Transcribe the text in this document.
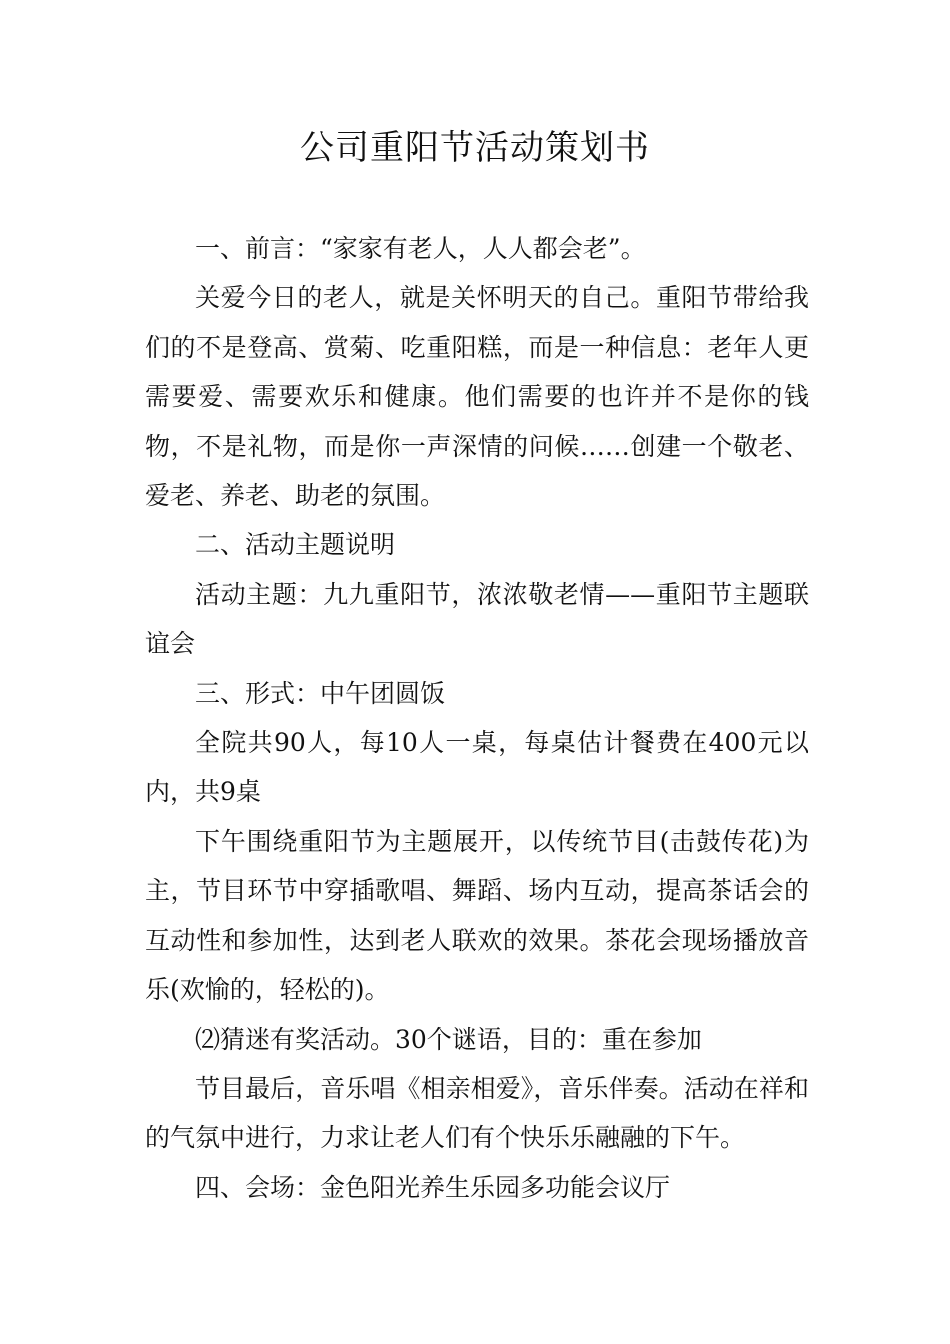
公司重阳节活动策划书

一、前言：“家家有老人，人人都会老”。

关爱今日的老人，就是关怀明天的自己。重阳节带给我们的不是登高、赏菊、吃重阳糕，而是一种信息：老年人更需要爱、需要欢乐和健康。他们需要的也许并不是你的钱物，不是礼物，而是你一声深情的问候……创建一个敬老、爱老、养老、助老的氛围。

二、活动主题说明

活动主题：九九重阳节，浓浓敬老情——重阳节主题联谊会

三、形式：中午团圆饭

全院共90人，每10人一桌，每桌估计餐费在400元以内，共9桌

下午围绕重阳节为主题展开，以传统节目(击鼓传花)为主，节目环节中穿插歌唱、舞蹈、场内互动，提高茶话会的互动性和参加性，达到老人联欢的效果。茶花会现场播放音乐(欢愉的，轻松的)。

⑵猜迷有奖活动。30个谜语，目的：重在参加

节目最后，音乐唱《相亲相爱》，音乐伴奏。活动在祥和的气氛中进行，力求让老人们有个快乐乐融融的下午。

四、会场：金色阳光养生乐园多功能会议厅
